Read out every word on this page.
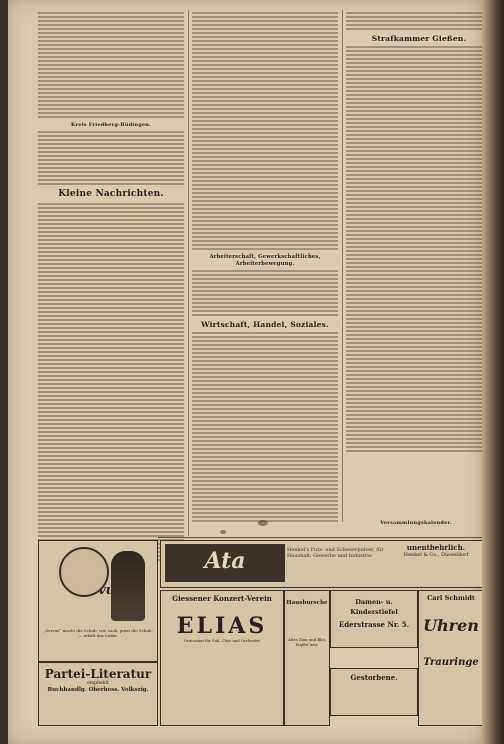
Kreis Friedberg-Büdingen.

Kleine Nachrichten.

Arbeiterschaft, Gewerkschaftliches, Arbeiterbewegung.

Wirtschaft, Handel, Soziales.

Strafkammer Gießen.

Versammlungskalender.
„Servus“ macht die Schuh' wie Lack, putzt die Schuh' — erhält das Leder.
Partei-Literatur
empfiehlt
Buchhandlg. Oberhess. Volkszig.
Ata	Henkel's Putz- und Scheuerpulver, für Haushalt, Gewerbe und Industrie
unentbehrlich.
Henkel & Co., Düsseldorf
Giessener Konzert-Verein
ELIAS
Oratorium für Soli, Chor und Orchester
Hausbursche
Altes Zinn und Blei, Kupfer usw.
Damen- u. Kinderstiefel
Ederstrasse Nr. 5.
Gestorbene.
Carl Schmidt
Uhren
Trauringe
